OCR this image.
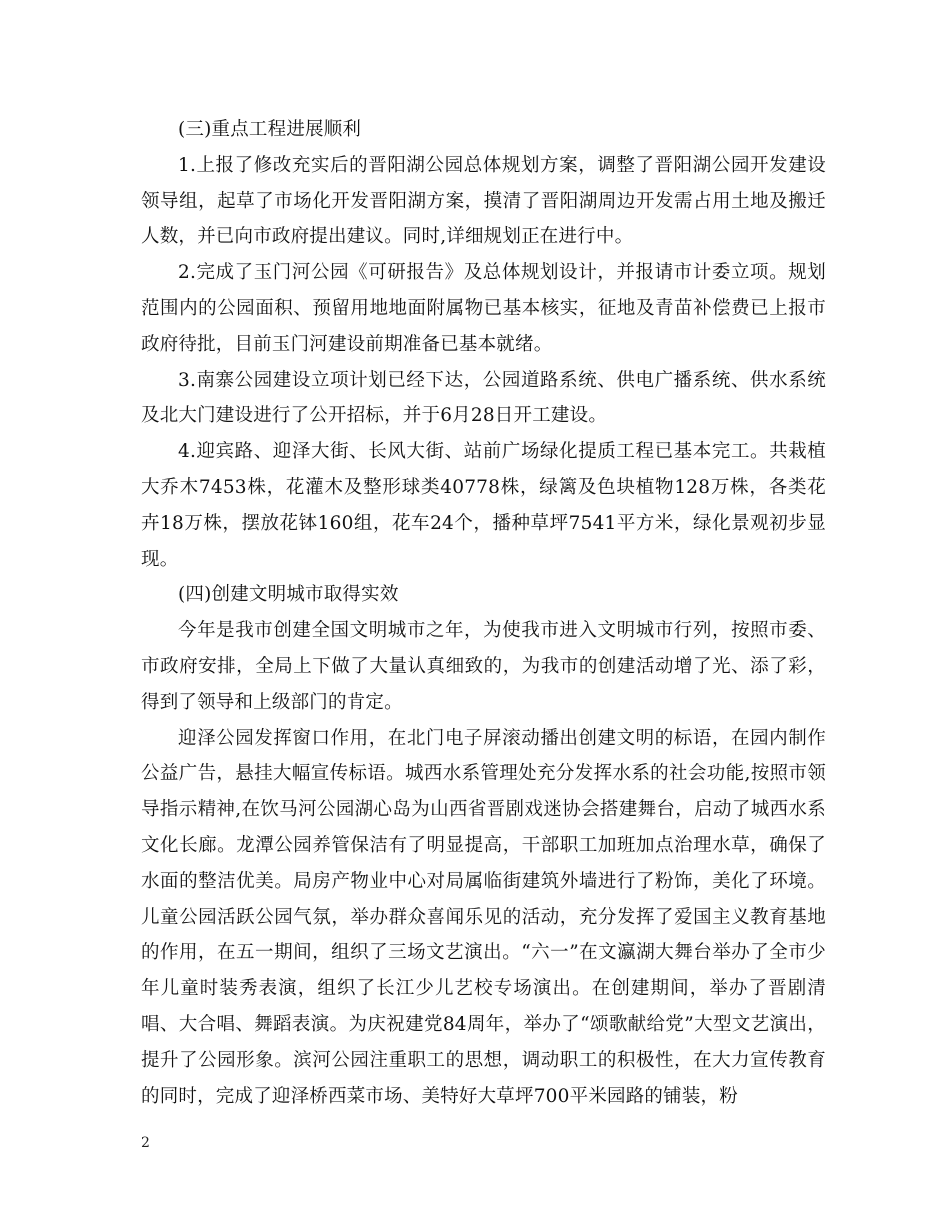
(三)重点工程进展顺利

1.上报了修改充实后的晋阳湖公园总体规划方案，调整了晋阳湖公园开发建设领导组，起草了市场化开发晋阳湖方案，摸清了晋阳湖周边开发需占用土地及搬迁人数，并已向市政府提出建议。同时,详细规划正在进行中。

2.完成了玉门河公园《可研报告》及总体规划设计，并报请市计委立项。规划范围内的公园面积、预留用地地面附属物已基本核实，征地及青苗补偿费已上报市政府待批，目前玉门河建设前期准备已基本就绪。

3.南寨公园建设立项计划已经下达，公园道路系统、供电广播系统、供水系统及北大门建设进行了公开招标，并于6月28日开工建设。

4.迎宾路、迎泽大街、长风大街、站前广场绿化提质工程已基本完工。共栽植大乔木7453株，花灌木及整形球类40778株，绿篱及色块植物128万株，各类花卉18万株，摆放花钵160组，花车24个，播种草坪7541平方米，绿化景观初步显现。

(四)创建文明城市取得实效

今年是我市创建全国文明城市之年，为使我市进入文明城市行列，按照市委、市政府安排，全局上下做了大量认真细致的，为我市的创建活动增了光、添了彩，得到了领导和上级部门的肯定。

迎泽公园发挥窗口作用，在北门电子屏滚动播出创建文明的标语，在园内制作公益广告，悬挂大幅宣传标语。城西水系管理处充分发挥水系的社会功能,按照市领导指示精神,在饮马河公园湖心岛为山西省晋剧戏迷协会搭建舞台，启动了城西水系文化长廊。龙潭公园养管保洁有了明显提高，干部职工加班加点治理水草，确保了水面的整洁优美。局房产物业中心对局属临街建筑外墙进行了粉饰，美化了环境。儿童公园活跃公园气氛，举办群众喜闻乐见的活动，充分发挥了爱国主义教育基地的作用，在五一期间，组织了三场文艺演出。“六一”在文瀛湖大舞台举办了全市少年儿童时装秀表演，组织了长江少儿艺校专场演出。在创建期间，举办了晋剧清唱、大合唱、舞蹈表演。为庆祝建党84周年，举办了“颂歌献给党”大型文艺演出，提升了公园形象。滨河公园注重职工的思想，调动职工的积极性，在大力宣传教育的同时，完成了迎泽桥西菜市场、美特好大草坪700平米园路的铺装，粉

2
